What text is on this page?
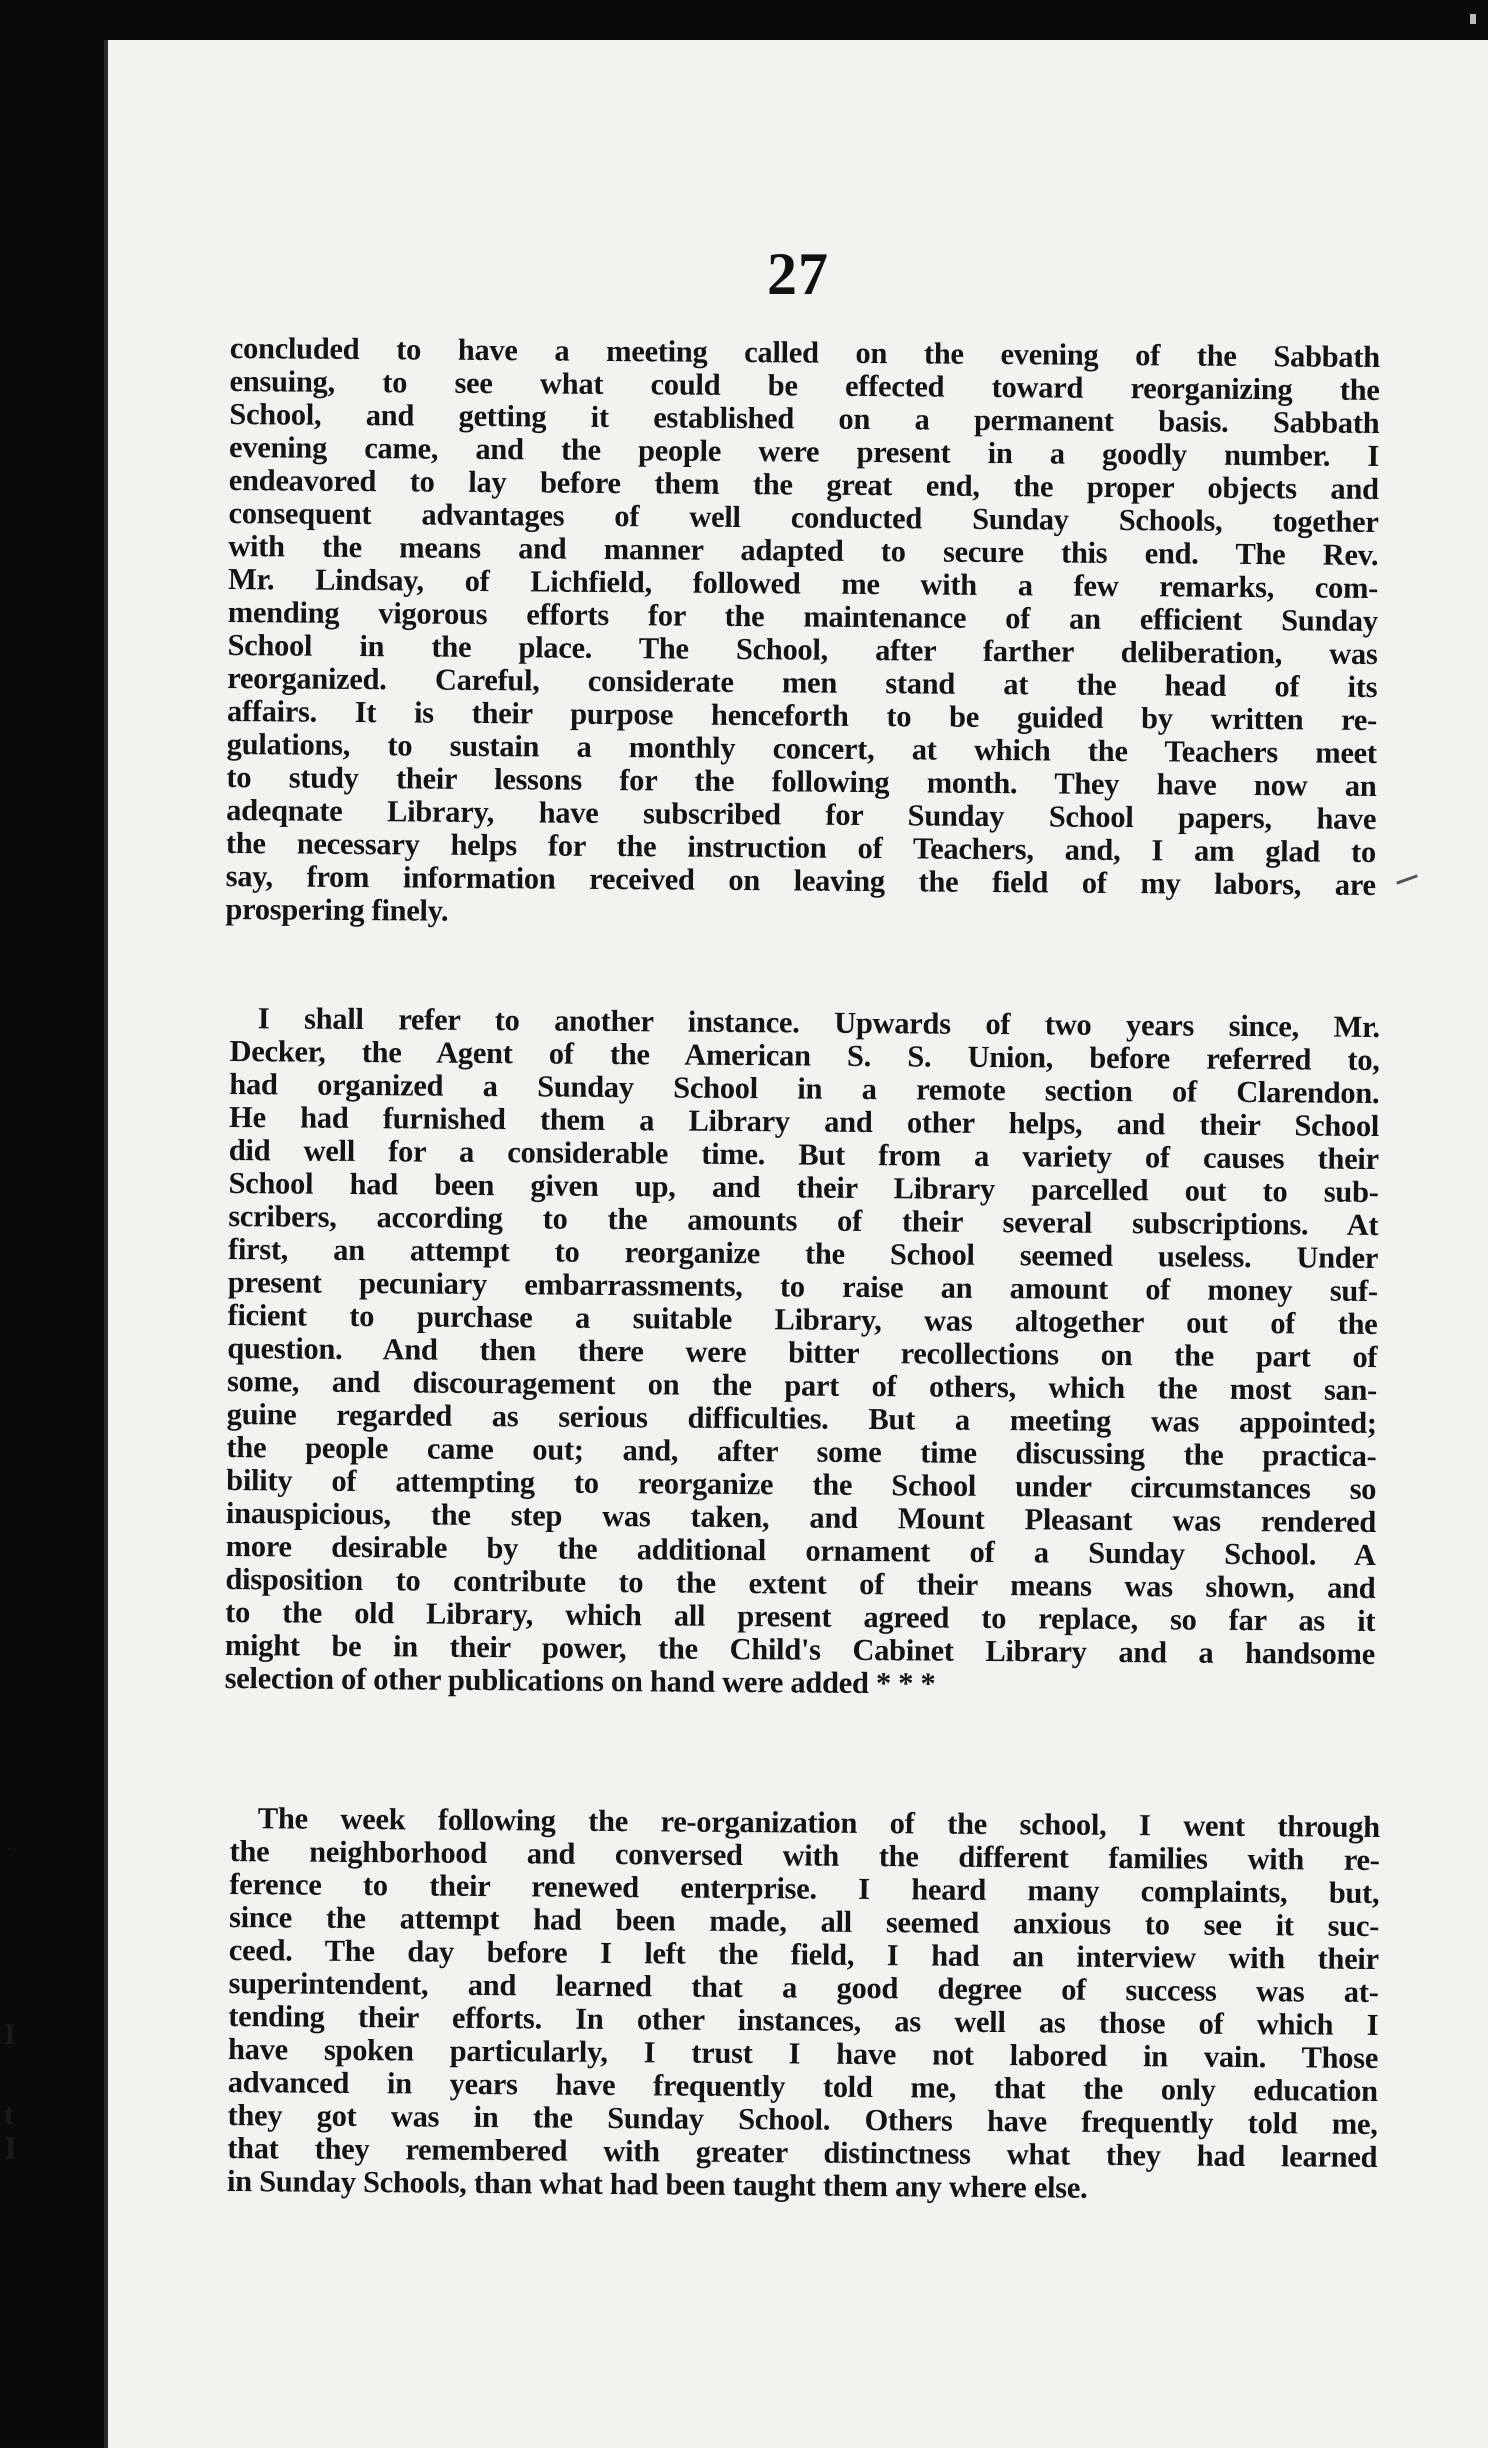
27
concluded to have a meeting called on the evening of the Sabbath
ensuing, to see what could be effected toward reorganizing the
School, and getting it established on a permanent basis. Sabbath
evening came, and the people were present in a goodly number. I
endeavored to lay before them the great end, the proper objects and
consequent advantages of well conducted Sunday Schools, together
with the means and manner adapted to secure this end. The Rev.
Mr. Lindsay, of Lichfield, followed me with a few remarks, com-
mending vigorous efforts for the maintenance of an efficient Sunday
School in the place. The School, after farther deliberation, was
reorganized. Careful, considerate men stand at the head of its
affairs. It is their purpose henceforth to be guided by written re-
gulations, to sustain a monthly concert, at which the Teachers meet
to study their lessons for the following month. They have now an
adeqnate Library, have subscribed for Sunday School papers, have
the necessary helps for the instruction of Teachers, and, I am glad to
say, from information received on leaving the field of my labors, are
prospering finely.
I shall refer to another instance. Upwards of two years since, Mr.
Decker, the Agent of the American S. S. Union, before referred to,
had organized a Sunday School in a remote section of Clarendon.
He had furnished them a Library and other helps, and their School
did well for a considerable time. But from a variety of causes their
School had been given up, and their Library parcelled out to sub-
scribers, according to the amounts of their several subscriptions. At
first, an attempt to reorganize the School seemed useless. Under
present pecuniary embarrassments, to raise an amount of money suf-
ficient to purchase a suitable Library, was altogether out of the
question. And then there were bitter recollections on the part of
some, and discouragement on the part of others, which the most san-
guine regarded as serious difficulties. But a meeting was appointed;
the people came out; and, after some time discussing the practica-
bility of attempting to reorganize the School under circumstances so
inauspicious, the step was taken, and Mount Pleasant was rendered
more desirable by the additional ornament of a Sunday School. A
disposition to contribute to the extent of their means was shown, and
to the old Library, which all present agreed to replace, so far as it
might be in their power, the Child's Cabinet Library and a handsome
selection of other publications on hand were added * * *
The week following the re-organization of the school, I went through
the neighborhood and conversed with the different families with re-
ference to their renewed enterprise. I heard many complaints, but,
since the attempt had been made, all seemed anxious to see it suc-
ceed. The day before I left the field, I had an interview with their
superintendent, and learned that a good degree of success was at-
tending their efforts. In other instances, as well as those of which I
have spoken particularly, I trust I have not labored in vain. Those
advanced in years have frequently told me, that the only education
they got was in the Sunday School. Others have frequently told me,
that they remembered with greater distinctness what they had learned
in Sunday Schools, than what had been taught them any where else.
·
I
t
I
